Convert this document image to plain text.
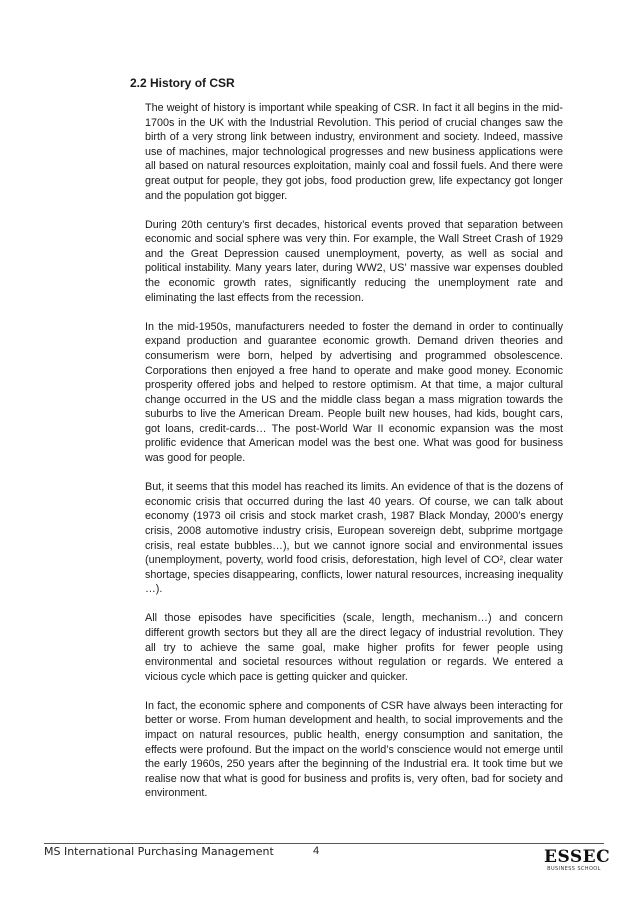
2.2 History of CSR

The weight of history is important while speaking of CSR. In fact it all begins in the mid-1700s in the UK with the Industrial Revolution. This period of crucial changes saw the birth of a very strong link between industry, environment and society. Indeed, massive use of machines, major technological progresses and new business applications were all based on natural resources exploitation, mainly coal and fossil fuels. And there were great output for people, they got jobs, food production grew, life expectancy got longer and the population got bigger.

During 20th century’s first decades, historical events proved that separation between economic and social sphere was very thin. For example, the Wall Street Crash of 1929 and the Great Depression caused unemployment, poverty, as well as social and political instability. Many years later, during WW2, US’ massive war expenses doubled the economic growth rates, significantly reducing the unemployment rate and eliminating the last effects from the recession.

In the mid-1950s, manufacturers needed to foster the demand in order to continually expand production and guarantee economic growth. Demand driven theories and consumerism were born, helped by advertising and programmed obsolescence. Corporations then enjoyed a free hand to operate and make good money. Economic prosperity offered jobs and helped to restore optimism. At that time, a major cultural change occurred in the US and the middle class began a mass migration towards the suburbs to live the American Dream. People built new houses, had kids, bought cars, got loans, credit-cards… The post-World War II economic expansion was the most prolific evidence that American model was the best one. What was good for business was good for people.

But, it seems that this model has reached its limits. An evidence of that is the dozens of economic crisis that occurred during the last 40 years. Of course, we can talk about economy (1973 oil crisis and stock market crash, 1987 Black Monday, 2000’s energy crisis, 2008 automotive industry crisis, European sovereign debt, subprime mortgage crisis, real estate bubbles…), but we cannot ignore social and environmental issues (unemployment, poverty, world food crisis, deforestation, high level of CO², clear water shortage, species disappearing, conflicts, lower natural resources, increasing inequality …).

All those episodes have specificities (scale, length, mechanism…) and concern different growth sectors but they all are the direct legacy of industrial revolution. They all try to achieve the same goal, make higher profits for fewer people using environmental and societal resources without regulation or regards. We entered a vicious cycle which pace is getting quicker and quicker.

In fact, the economic sphere and components of CSR have always been interacting for better or worse. From human development and health, to social improvements and the impact on natural resources, public health, energy consumption and sanitation, the effects were profound. But the impact on the world’s conscience would not emerge until the early 1960s, 250 years after the beginning of the Industrial era. It took time but we realise now that what is good for business and profits is, very often, bad for society and environment.

MS International Purchasing Management	4	ESSEC
BUSINESS SCHOOL
